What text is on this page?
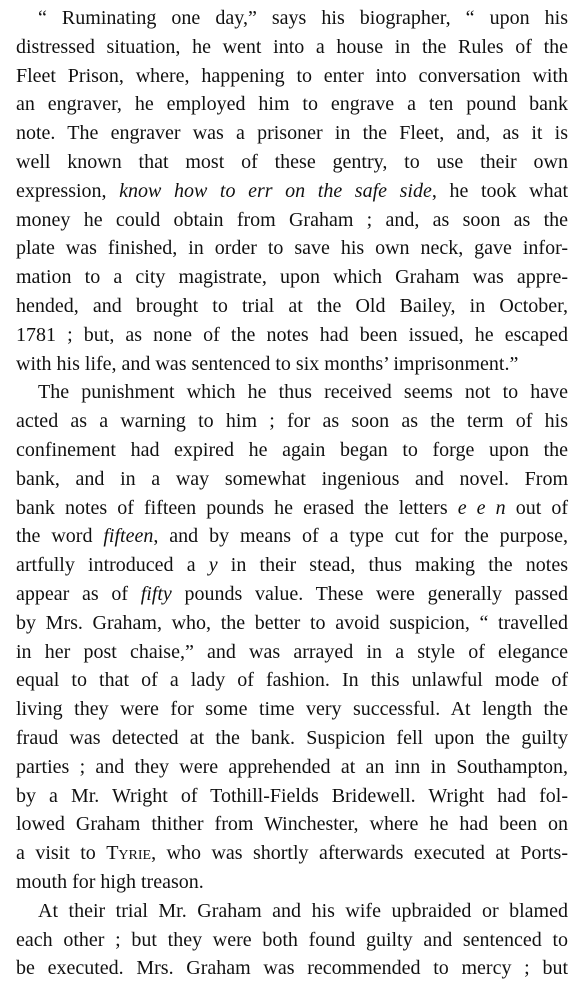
“ Ruminating one day,” says his biographer, “ upon his
distressed situation, he went into a house in the Rules of the
Fleet Prison, where, happening to enter into conversation with
an engraver, he employed him to engrave a ten pound bank
note. The engraver was a prisoner in the Fleet, and, as it is
well known that most of these gentry, to use their own
expression, know how to err on the safe side, he took what
money he could obtain from Graham ; and, as soon as the
plate was finished, in order to save his own neck, gave infor-
mation to a city magistrate, upon which Graham was appre-
hended, and brought to trial at the Old Bailey, in October,
1781 ; but, as none of the notes had been issued, he escaped
with his life, and was sentenced to six months’ imprisonment.”
The punishment which he thus received seems not to have
acted as a warning to him ; for as soon as the term of his
confinement had expired he again began to forge upon the
bank, and in a way somewhat ingenious and novel. From
bank notes of fifteen pounds he erased the letters e e n out of
the word fifteen, and by means of a type cut for the purpose,
artfully introduced a y in their stead, thus making the notes
appear as of fifty pounds value. These were generally passed
by Mrs. Graham, who, the better to avoid suspicion, “ travelled
in her post chaise,” and was arrayed in a style of elegance
equal to that of a lady of fashion. In this unlawful mode of
living they were for some time very successful. At length the
fraud was detected at the bank. Suspicion fell upon the guilty
parties ; and they were apprehended at an inn in Southampton,
by a Mr. Wright of Tothill-Fields Bridewell. Wright had fol-
lowed Graham thither from Winchester, where he had been on
a visit to Tyrie, who was shortly afterwards executed at Ports-
mouth for high treason.
At their trial Mr. Graham and his wife upbraided or blamed
each other ; but they were both found guilty and sentenced to
be executed. Mrs. Graham was recommended to mercy ; but
